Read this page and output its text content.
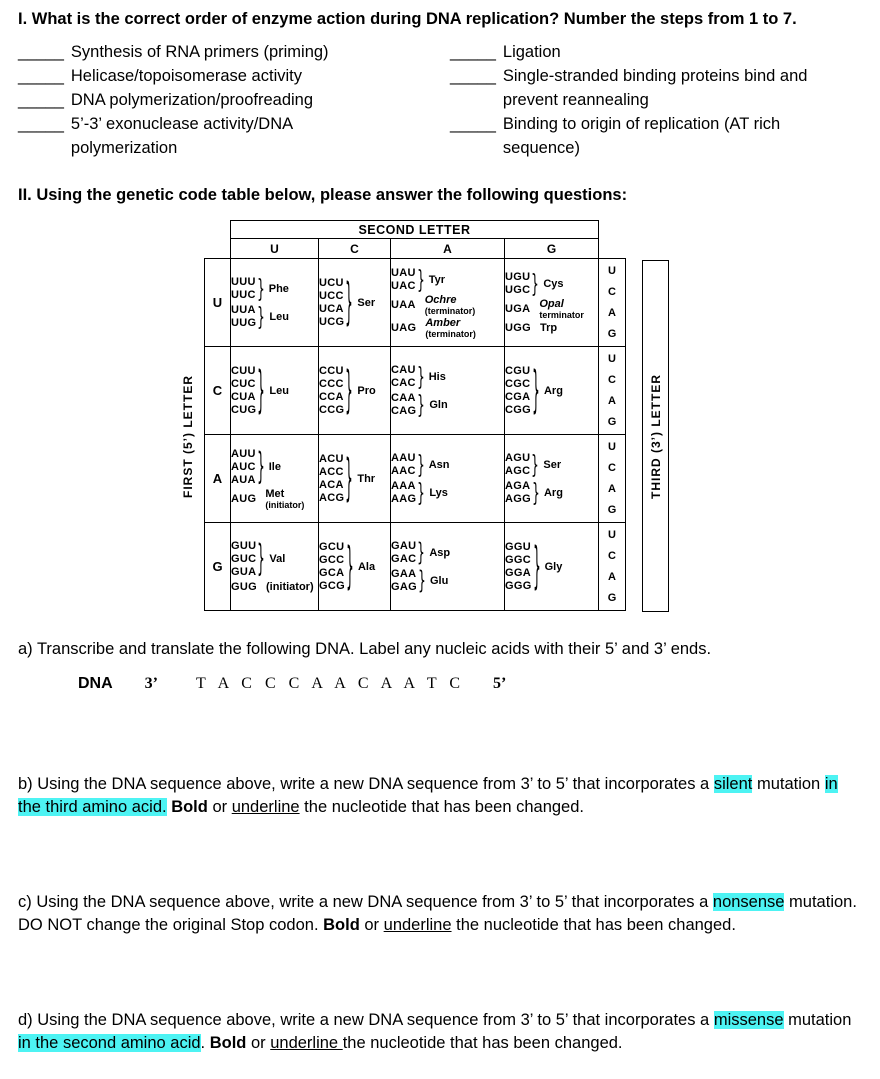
I. What is the correct order of enzyme action during DNA replication? Number the steps from 1 to 7.

_____ Synthesis of RNA primers (priming)
_____ Helicase/topoisomerase activity
_____ DNA polymerization/proofreading
_____ 5’-3’ exonuclease activity/DNA polymerization
_____ Ligation
_____ Single-stranded binding proteins bind and prevent reannealing
_____ Binding to origin of replication (AT rich sequence)

II. Using the genetic code table below, please answer the following questions:

FIRST (5’) LETTER
	SECOND LETTER				
	U	C	A	G	
U	
UUU
UUC } Phe
UUA
UUG } Leu

UCU
UCC
UCA
UCG } Ser

UAU
UAC } Tyr
UAA Ochre
(terminator)
UAG Amber
(terminator)

UGU
UGC } Cys
UGA Opal
terminator
UGG Trp

U
C
A
G

C	
CUU
CUC
CUA
CUG } Leu

CCU
CCC
CCA
CCG } Pro

CAU
CAC } His
CAA
CAG } Gln

CGU
CGC
CGA
CGG } Arg

U
C
A
G

A	
AUU
AUC
AUA } Ile
AUG Met
(initiator)

ACU
ACC
ACA
ACG } Thr

AAU
AAC } Asn
AAA
AAG } Lys

AGU
AGC } Ser
AGA
AGG } Arg

U
C
A
G

G	
GUU
GUC
GUA } Val
GUG (initiator)

GCU
GCC
GCA
GCG } Ala

GAU
GAC } Asp
GAA
GAG } Glu

GGU
GGC
GGA
GGG } Gly

U
C
A
G
THIRD (3’) LETTER

a) Transcribe and translate the following DNA. Label any nucleic acids with their 5’ and 3’ ends.

DNA 3’ T A C C C A A C A A T C 5’

b) Using the DNA sequence above, write a new DNA sequence from 3’ to 5’ that incorporates a silent mutation in the third amino acid. Bold or underline the nucleotide that has been changed.

c) Using the DNA sequence above, write a new DNA sequence from 3’ to 5’ that incorporates a nonsense mutation. DO NOT change the original Stop codon. Bold or underline the nucleotide that has been changed.

d) Using the DNA sequence above, write a new DNA sequence from 3’ to 5’ that incorporates a missense mutation in the second amino acid. Bold or underline the nucleotide that has been changed.
